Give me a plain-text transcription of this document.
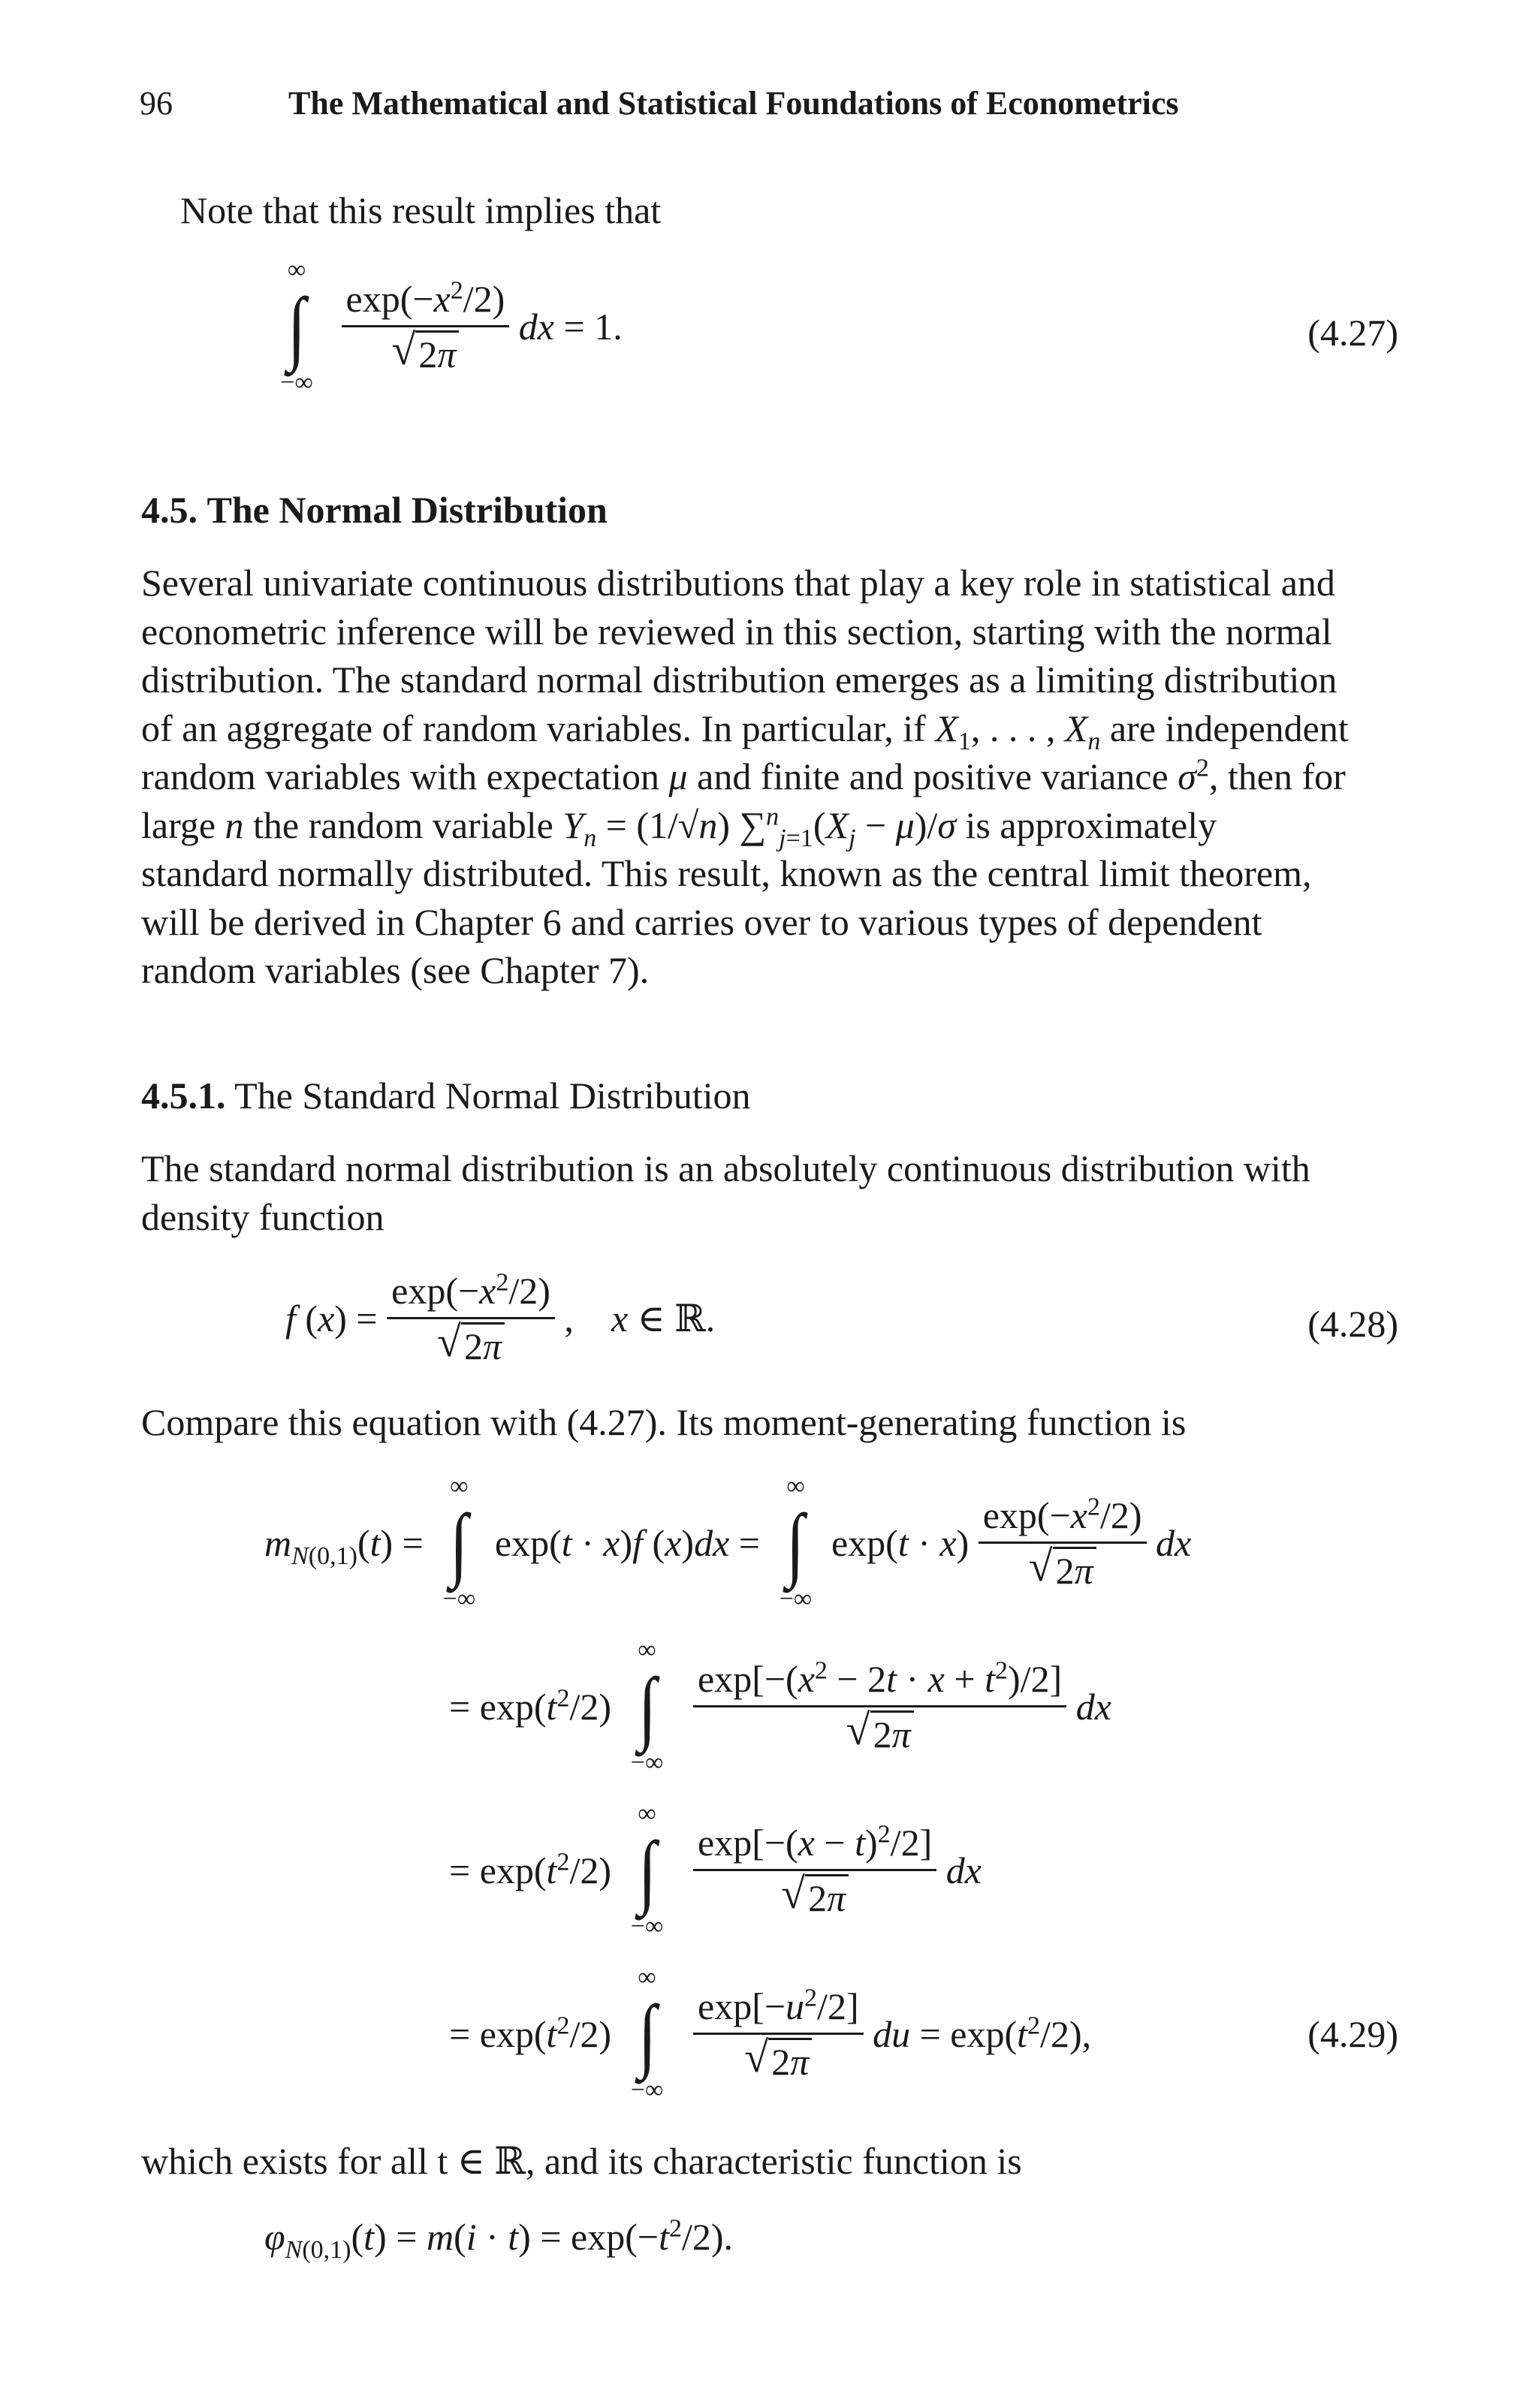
96	The Mathematical and Statistical Foundations of Econometrics
Note that this result implies that
∞
∫
−∞

$\frac{\exp(-x^2/2)}{√ 2\pi}$ dx = 1.	(4.27)
4.5. The Normal Distribution
Several univariate continuous distributions that play a key role in statistical and
econometric inference will be reviewed in this section, starting with the normal
distribution. The standard normal distribution emerges as a limiting distribution
of an aggregate of random variables. In particular, if $X_1$, . . . , $X_n$ are independent
random variables with expectation μ and finite and positive variance $\sigma^2$, then for
large n the random variable $Y_n = (1/√n) \sum^n_{j=1}(X_j - \mu)/\sigma$ is approximately
standard normally distributed. This result, known as the central limit theorem,
will be derived in Chapter 6 and carries over to various types of dependent
random variables (see Chapter 7).
4.5.1. The Standard Normal Distribution
The standard normal distribution is an absolutely continuous distribution with
density function
f $(x) = \frac{\exp(-x^2/2)}{√ 2\pi}$ ,    x ∈ ℝ.	(4.28)
Compare this equation with (4.27). Its moment-generating function is
$m_{N(0,1)}(t)$ =
∞
∫
−∞
exp(t · x)f (x)dx =
∞
∫
−∞
$\exp(t \cdot x) \frac{\exp(-x^2/2)}{√ 2\pi}$ dx
= $\exp(t^2/2)$
∞
∫
−∞

$\frac{\exp[-(x^2 - 2t \cdot x + t^2)/2]}{√ 2\pi}$ dx
= $\exp(t^2/2)$
∞
∫
−∞

$\frac{\exp[-(x - t)^2/2]}{√ 2\pi}$ dx
= $\exp(t^2/2)$
∞
∫
−∞

$\frac{\exp[-u^2/2]}{√ 2\pi}$ du = $\exp(t^2/2)$,	(4.29)
which exists for all t ∈ ℝ, and its characteristic function is
$\varphi_{N(0,1)}(t) = m(i \cdot t) = \exp(-t^2/2)$.
